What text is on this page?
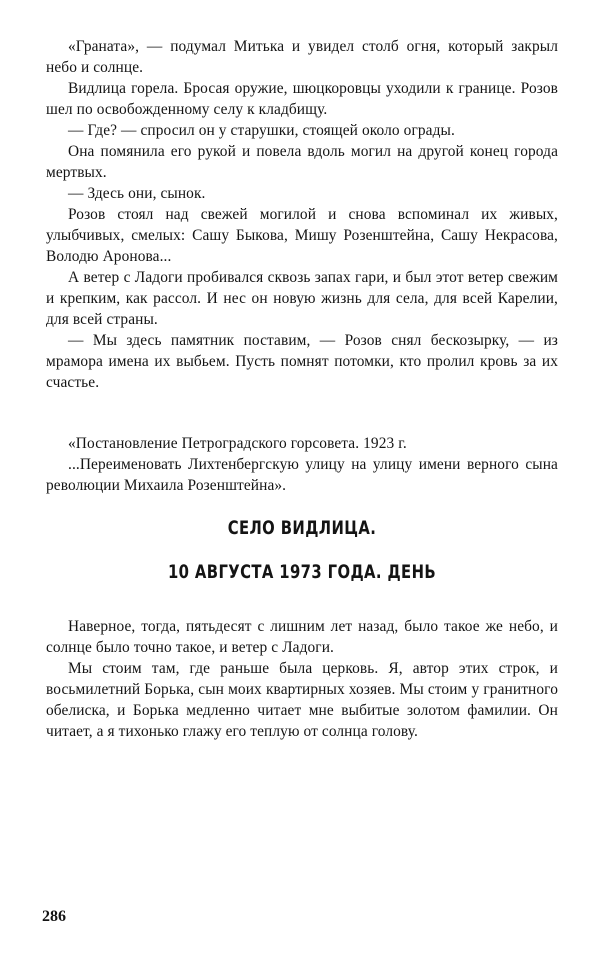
«Граната», — подумал Митька и увидел столб огня, который закрыл небо и солнце.

Видлица горела. Бросая оружие, шюцкоровцы уходили к границе. Розов шел по освобожденному селу к кладбищу.

— Где? — спросил он у старушки, стоящей около ограды.

Она помянила его рукой и повела вдоль могил на другой конец города мертвых.

— Здесь они, сынок.

Розов стоял над свежей могилой и снова вспоминал их живых, улыбчивых, смелых: Сашу Быкова, Мишу Розенштейна, Сашу Некрасова, Володю Аронова...

А ветер с Ладоги пробивался сквозь запах гари, и был этот ветер свежим и крепким, как рассол. И нес он новую жизнь для села, для всей Карелии, для всей страны.

— Мы здесь памятник поставим, — Розов снял бескозырку, — из мрамора имена их выбьем. Пусть помнят потомки, кто пролил кровь за их счастье.

«Постановление Петроградского горсовета. 1923 г.

...Переименовать Лихтенбергскую улицу на улицу имени верного сына революции Михаила Розенштейна».

СЕЛО ВИДЛИЦА.

10 АВГУСТА 1973 ГОДА. ДЕНЬ

Наверное, тогда, пятьдесят с лишним лет назад, было такое же небо, и солнце было точно такое, и ветер с Ладоги.

Мы стоим там, где раньше была церковь. Я, автор этих строк, и восьмилетний Борька, сын моих квартирных хозяев. Мы стоим у гранитного обелиска, и Борька медленно читает мне выбитые золотом фамилии. Он читает, а я тихонько глажу его теплую от солнца голову.

286
